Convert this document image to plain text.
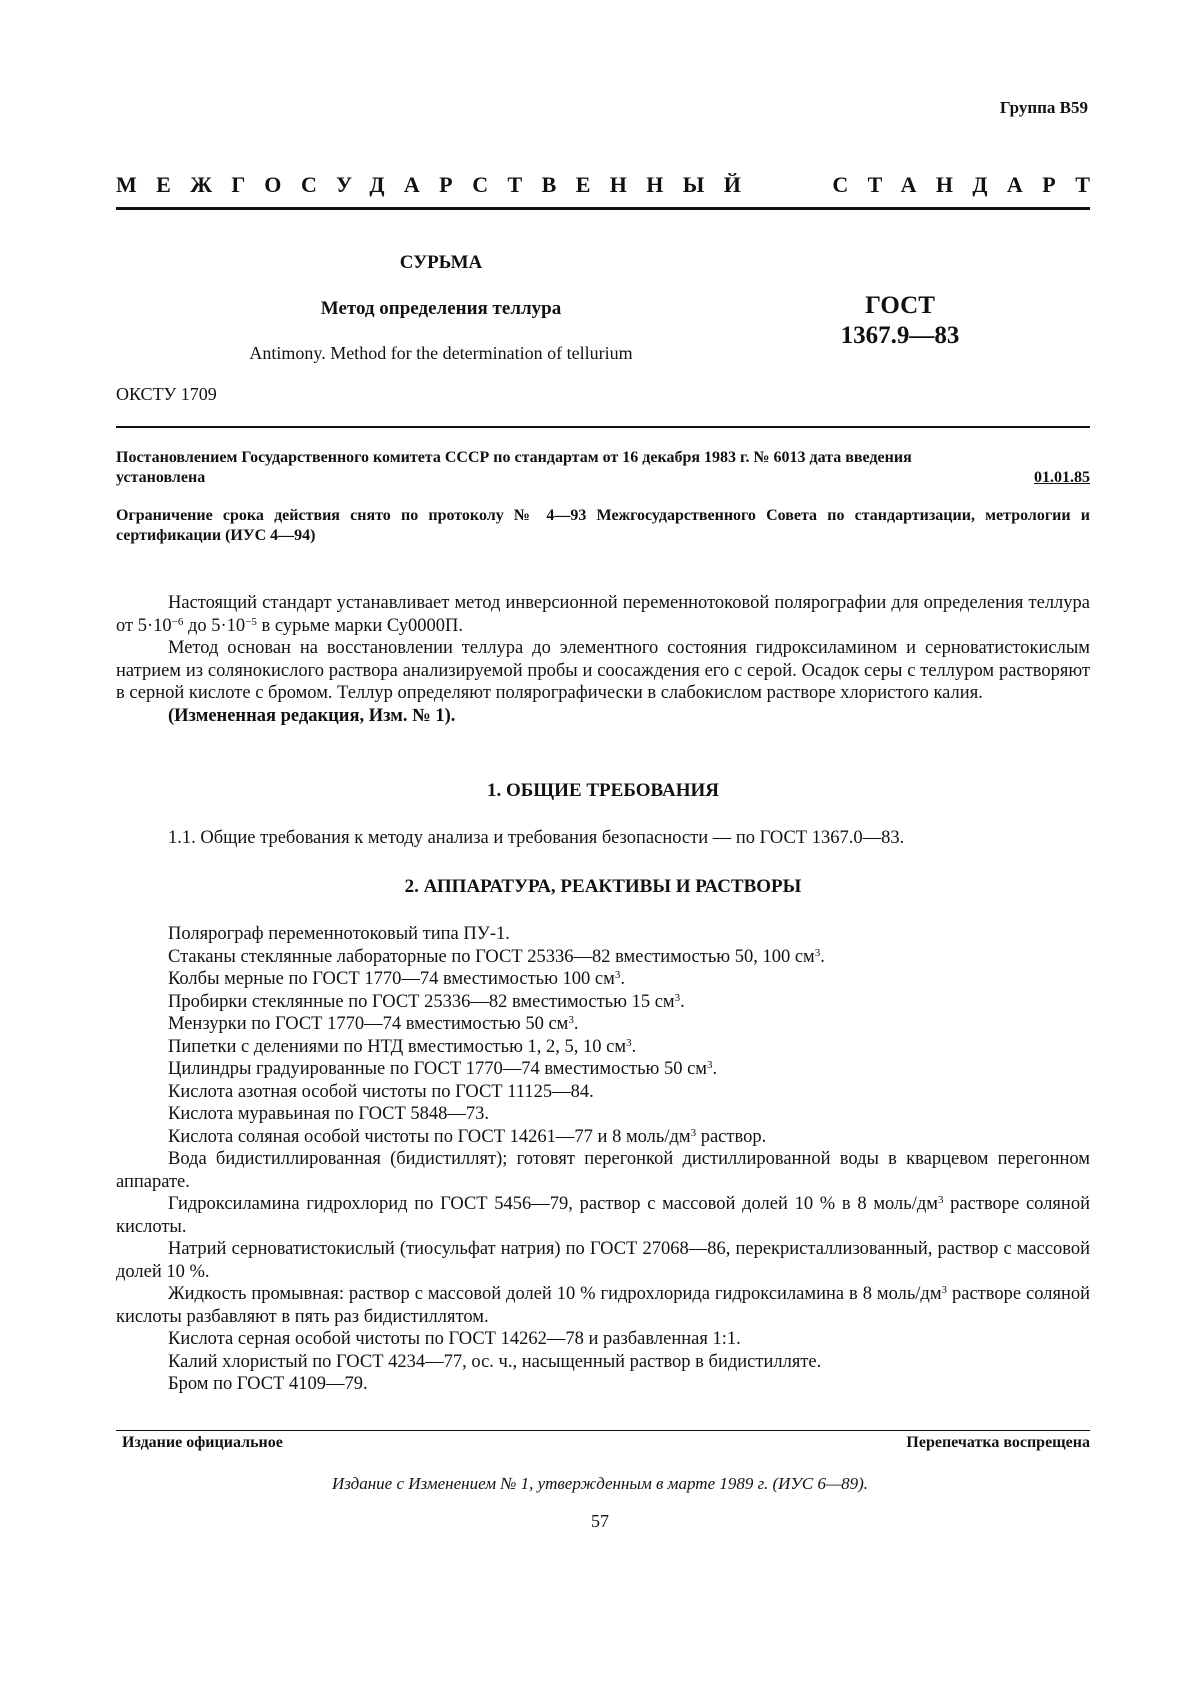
Группа В59
МЕЖГОСУДАРСТВЕННЫЙ	СТАНДАРТ
СУРЬМА
Метод определения теллура
Antimony. Method for the determination of tellurium
ГОСТ
1367.9—83
ОКСТУ 1709
Постановлением Государственного комитета СССР по стандартам от 16 декабря 1983 г. № 6013 дата введения
установлена	01.01.85
Ограничение срока действия снято по протоколу № 4—93 Межгосударственного Совета по стандартизации, метрологии и сертификации (ИУС 4—94)

Настоящий стандарт устанавливает метод инверсионной переменнотоковой полярографии для определения теллура от $5\cdot 10^{-6}$ до $5\cdot 10^{-5}$ в сурьме марки Су0000П.

Метод основан на восстановлении теллура до элементного состояния гидроксиламином и серноватистокислым натрием из солянокислого раствора анализируемой пробы и соосаждения его с серой. Осадок серы с теллуром растворяют в серной кислоте с бромом. Теллур определяют полярографически в слабокислом растворе хлористого калия.

(Измененная редакция, Изм. № 1).

1. ОБЩИЕ ТРЕБОВАНИЯ
1.1. Общие требования к методу анализа и требования безопасности — по ГОСТ 1367.0—83.
2. АППАРАТУРА, РЕАКТИВЫ И РАСТВОРЫ

Полярограф переменнотоковый типа ПУ-1.

Стаканы стеклянные лабораторные по ГОСТ 25336—82 вместимостью 50, 100 $см^3$.

Колбы мерные по ГОСТ 1770—74 вместимостью 100 $см^3$.

Пробирки стеклянные по ГОСТ 25336—82 вместимостью 15 $см^3$.

Мензурки по ГОСТ 1770—74 вместимостью 50 $см^3$.

Пипетки с делениями по НТД вместимостью 1, 2, 5, 10 $см^3$.

Цилиндры градуированные по ГОСТ 1770—74 вместимостью 50 $см^3$.

Кислота азотная особой чистоты по ГОСТ 11125—84.

Кислота муравьиная по ГОСТ 5848—73.

Кислота соляная особой чистоты по ГОСТ 14261—77 и 8 моль/$дм^3$ раствор.

Вода бидистиллированная (бидистиллят); готовят перегонкой дистиллированной воды в кварцевом перегонном аппарате.

Гидроксиламина гидрохлорид по ГОСТ 5456—79, раствор с массовой долей 10 % в 8 моль/$дм^3$ растворе соляной кислоты.

Натрий серноватистокислый (тиосульфат натрия) по ГОСТ 27068—86, перекристаллизованный, раствор с массовой долей 10 %.

Жидкость промывная: раствор с массовой долей 10 % гидрохлорида гидроксиламина в 8 моль/$дм^3$ растворе соляной кислоты разбавляют в пять раз бидистиллятом.

Кислота серная особой чистоты по ГОСТ 14262—78 и разбавленная 1:1.

Калий хлористый по ГОСТ 4234—77, ос. ч., насыщенный раствор в бидистилляте.

Бром по ГОСТ 4109—79.

Издание официальное	Перепечатка воспрещена
Издание с Изменением № 1, утвержденным в марте 1989 г. (ИУС 6—89).
57
